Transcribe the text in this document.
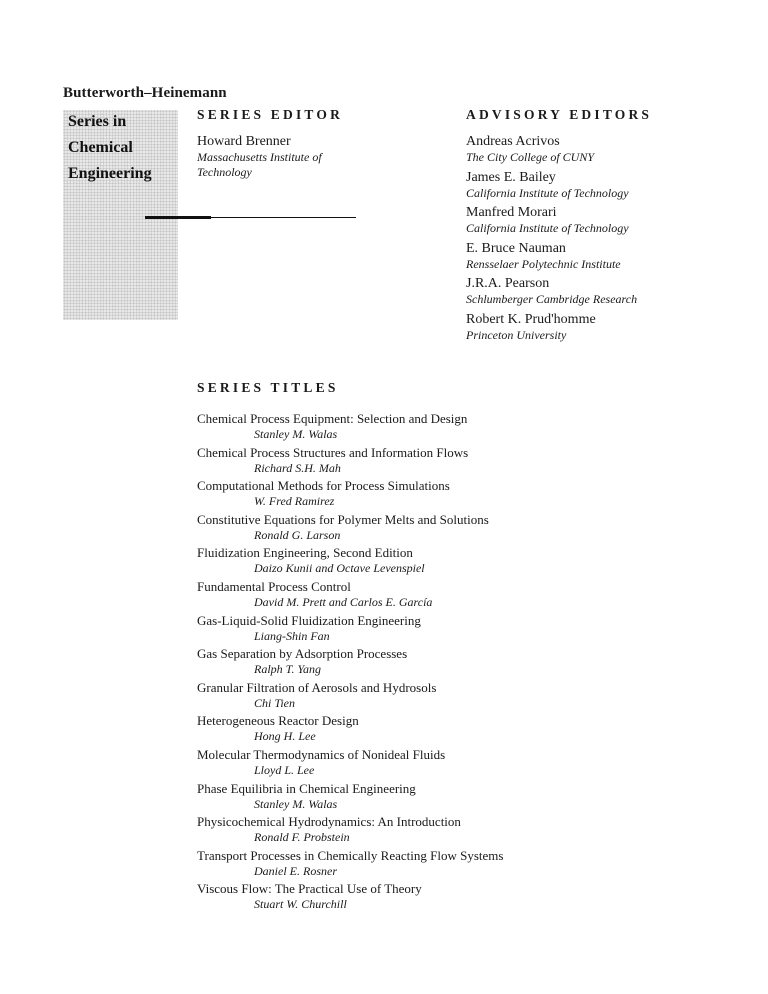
Butterworth–Heinemann

Series in

Chemical

Engineering

SERIES EDITOR
Howard Brenner
Massachusetts Institute of
Technology
ADVISORY EDITORS
Andreas Acrivos
The City College of CUNY
James E. Bailey
California Institute of Technology
Manfred Morari
California Institute of Technology
E. Bruce Nauman
Rensselaer Polytechnic Institute
J.R.A. Pearson
Schlumberger Cambridge Research
Robert K. Prud'homme
Princeton University
SERIES TITLES
Chemical Process Equipment: Selection and Design
Stanley M. Walas
Chemical Process Structures and Information Flows
Richard S.H. Mah
Computational Methods for Process Simulations
W. Fred Ramirez
Constitutive Equations for Polymer Melts and Solutions
Ronald G. Larson
Fluidization Engineering, Second Edition
Daizo Kunii and Octave Levenspiel
Fundamental Process Control
David M. Prett and Carlos E. García
Gas-Liquid-Solid Fluidization Engineering
Liang-Shin Fan
Gas Separation by Adsorption Processes
Ralph T. Yang
Granular Filtration of Aerosols and Hydrosols
Chi Tien
Heterogeneous Reactor Design
Hong H. Lee
Molecular Thermodynamics of Nonideal Fluids
Lloyd L. Lee
Phase Equilibria in Chemical Engineering
Stanley M. Walas
Physicochemical Hydrodynamics: An Introduction
Ronald F. Probstein
Transport Processes in Chemically Reacting Flow Systems
Daniel E. Rosner
Viscous Flow: The Practical Use of Theory
Stuart W. Churchill
